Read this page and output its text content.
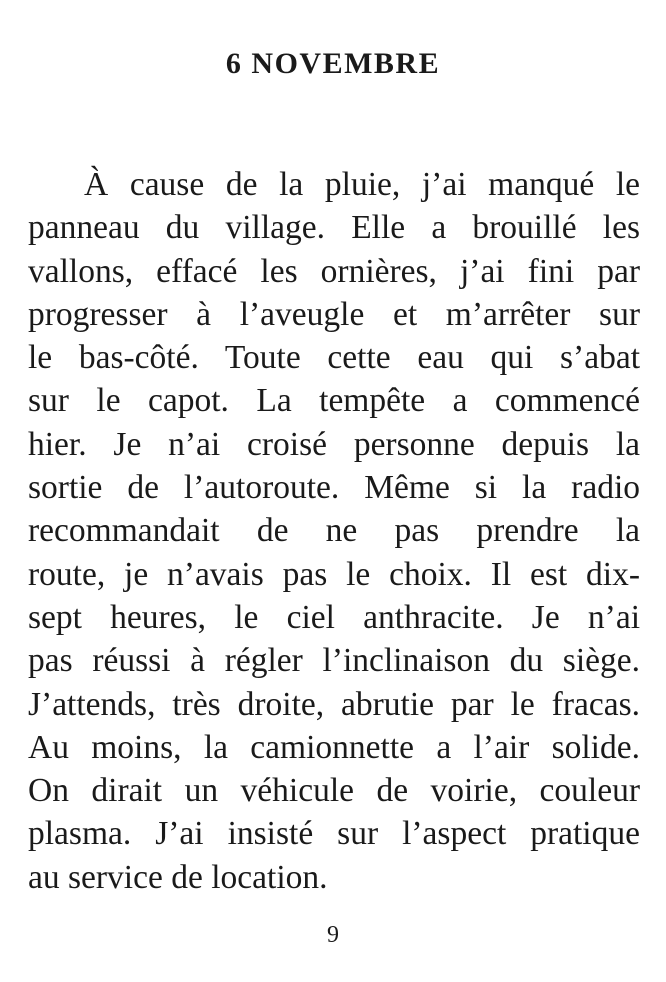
6 NOVEMBRE
À cause de la pluie, j’ai manqué le
panneau du village. Elle a brouillé les
vallons, effacé les ornières, j’ai fini par
progresser à l’aveugle et m’arrêter sur
le bas-côté. Toute cette eau qui s’abat
sur le capot. La tempête a commencé
hier. Je n’ai croisé personne depuis la
sortie de l’autoroute. Même si la radio
recommandait de ne pas prendre la
route, je n’avais pas le choix. Il est dix-
sept heures, le ciel anthracite. Je n’ai
pas réussi à régler l’inclinaison du siège.
J’attends, très droite, abrutie par le fracas.
Au moins, la camionnette a l’air solide.
On dirait un véhicule de voirie, couleur
plasma. J’ai insisté sur l’aspect pratique
au service de location.

9
